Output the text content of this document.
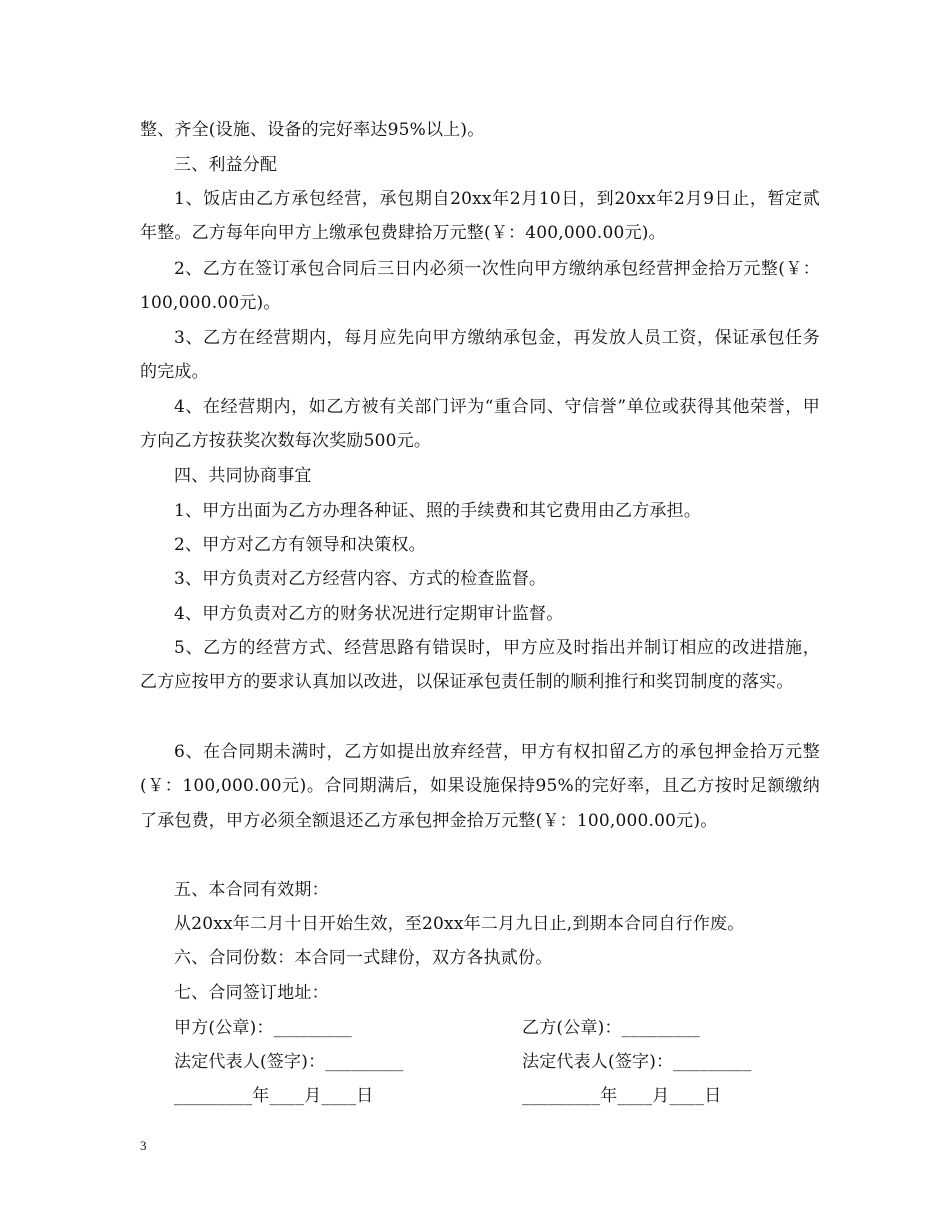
整、齐全(设施、设备的完好率达95%以上)。

三、利益分配

1、饭店由乙方承包经营，承包期自20xx年2月10日，到20xx年2月9日止，暂定贰年整。乙方每年向甲方上缴承包费肆拾万元整(￥：400,000.00元)。

2、乙方在签订承包合同后三日内必须一次性向甲方缴纳承包经营押金拾万元整(￥：100,000.00元)。

3、乙方在经营期内，每月应先向甲方缴纳承包金，再发放人员工资，保证承包任务的完成。

4、在经营期内，如乙方被有关部门评为“重合同、守信誉”单位或获得其他荣誉，甲方向乙方按获奖次数每次奖励500元。

四、共同协商事宜

1、甲方出面为乙方办理各种证、照的手续费和其它费用由乙方承担。

2、甲方对乙方有领导和决策权。

3、甲方负责对乙方经营内容、方式的检查监督。

4、甲方负责对乙方的财务状况进行定期审计监督。

5、乙方的经营方式、经营思路有错误时，甲方应及时指出并制订相应的改进措施，乙方应按甲方的要求认真加以改进，以保证承包责任制的顺利推行和奖罚制度的落实。

6、在合同期未满时，乙方如提出放弃经营，甲方有权扣留乙方的承包押金拾万元整(￥：100,000.00元)。合同期满后，如果设施保持95%的完好率，且乙方按时足额缴纳了承包费，甲方必须全额退还乙方承包押金拾万元整(￥：100,000.00元)。

五、本合同有效期：

从20xx年二月十日开始生效，至20xx年二月九日止,到期本合同自行作废。

六、合同份数：本合同一式肆份，双方各执贰份。

七、合同签订地址：

甲方(公章)：_________	乙方(公章)：_________
法定代表人(签字)：_________	法定代表人(签字)：_________
_________年____月____日	_________年____月____日
3
